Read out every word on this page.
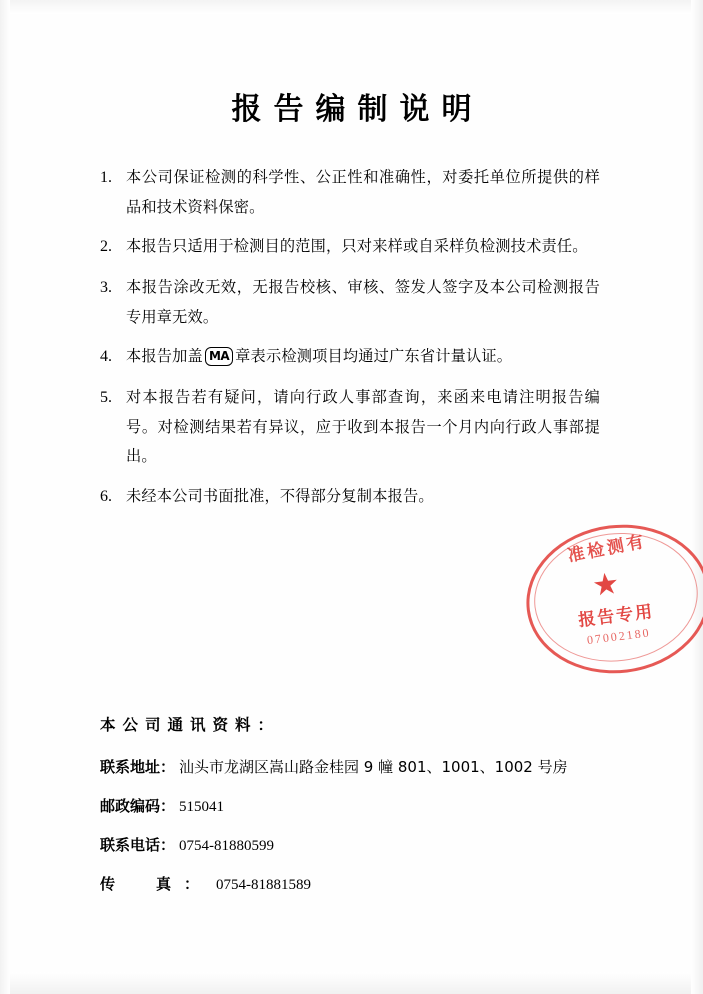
报告编制说明
1. 本公司保证检测的科学性、公正性和准确性，对委托单位所提供的样品和技术资料保密。
2. 本报告只适用于检测目的范围，只对来样或自采样负检测技术责任。
3. 本报告涂改无效，无报告校核、审核、签发人签字及本公司检测报告专用章无效。
4. 本报告加盖 MA 章表示检测项目均通过广东省计量认证。
5. 对本报告若有疑问，请向行政人事部查询，来函来电请注明报告编号。对检测结果若有异议，应于收到本报告一个月内向行政人事部提出。
6. 未经本公司书面批准，不得部分复制本报告。
准检测有
★
报告专用
07002180
本公司通讯资料：
联系地址： 汕头市龙湖区嵩山路金桂园 9 幢 801、1001、1002 号房
邮政编码： 515041
联系电话： 0754-81880599
传　真： 0754-81881589
